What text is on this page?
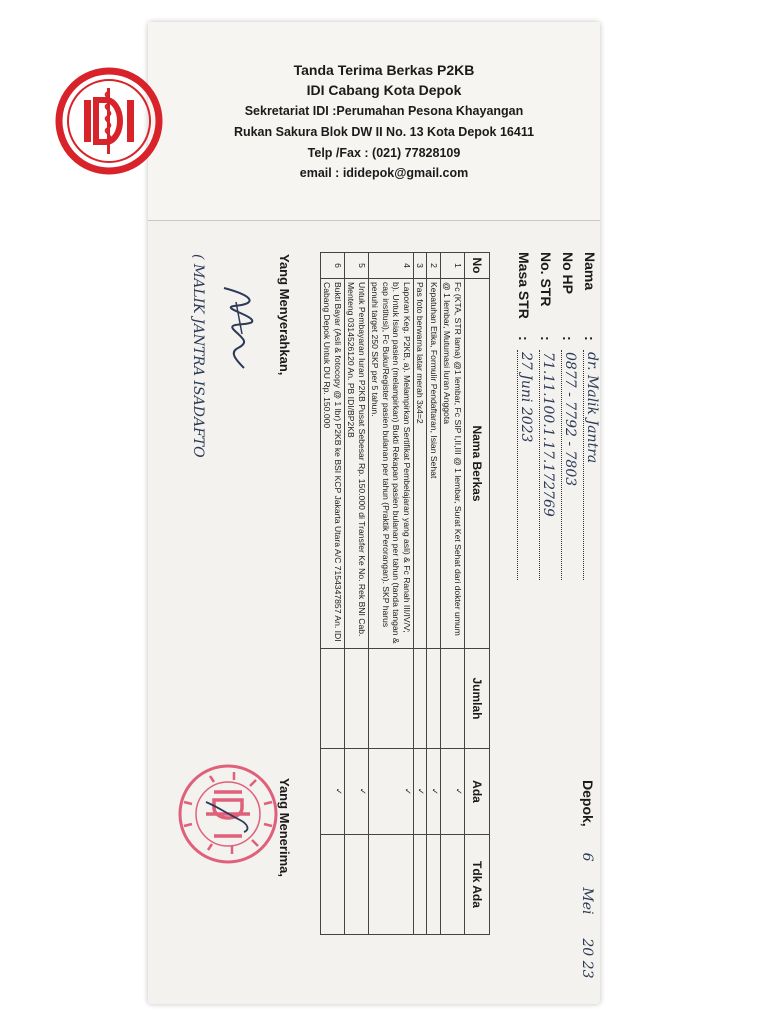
Tanda Terima Berkas P2KB
IDI Cabang Kota Depok
Sekretariat IDI :Perumahan Pesona Khayangan
Rukan Sakura Blok DW II No. 13 Kota Depok 16411
Telp /Fax : (021) 77828109
email : ididepok@gmail.com
Nama
:
dr. Malik Jantra
No HP
:
0877 - 7792 - 7803
No. STR
:
71.11.100.1.17.172769
Masa STR
:
27 Juni 2023
Depok, 6 Mei 20 23
No	Nama Berkas	Jumlah	Ada	Tdk Ada
1	Fc (KTA, STR lama) @1 lembar, Fc SIP I,II,III @ 1 lembar, Surat Ket Sehat dari dokter umum @ 1 lembar, Mutumasi Iuran Anggota		✓	
2	Kepatuhan Etika, Formulir Pendaftaran, Isian Sehat		✓	
3	Pas foto berwarna latar merah 3x4=2		✓	
4	Laporan Keg. P2KB, a). Melampirkan Sertifikat Pembelajaran yang asli) & Fc Ranah III/IV/V; b). Untuk Isian pasien (melampirkan) Bukti Rekapan pasien bulanan per tahun (tanda tangan & cap institusi), Fc Buku/Register pasien bulanan per tahun (Praktik Perorangan). SKP harus penuhi target 250 SKP per 5 tahun.		✓	
5	Untuk Pembayaran Iuran P2KB Pusat Sebesar Rp. 150.000 di Transfer Ke No. Rek BNI Cab. Menteng 0314526120 An. PB IDI/BP2KB		✓	
6	Bukti Bayar (Asli & fotocopy @ 1 lbr) P2KB ke BSI KCP Jakarta Utara A/C 7154347857 An. IDI Cabang Depok Untuk DU Rp. 150.000		✓	
Yang Menyerahkan,
( MALIK JANTRA ISADAFTO
Yang Menerima,
